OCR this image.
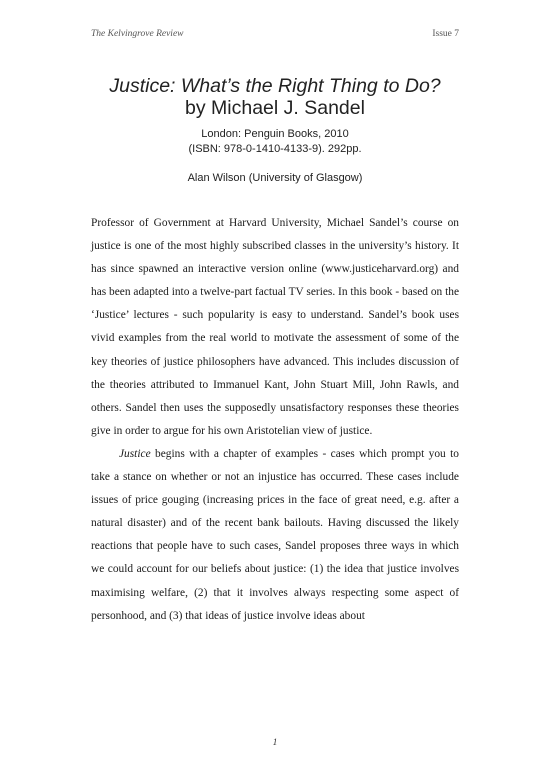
The Kelvingrove Review	Issue 7
Justice: What’s the Right Thing to Do?
by Michael J. Sandel
London: Penguin Books, 2010
(ISBN: 978-0-1410-4133-9). 292pp.
Alan Wilson (University of Glasgow)

Professor of Government at Harvard University, Michael Sandel’s course on justice is one of the most highly subscribed classes in the university’s history. It has since spawned an interactive version online (www.justiceharvard.org) and has been adapted into a twelve-part factual TV series. In this book - based on the ‘Justice’ lectures - such popularity is easy to understand. Sandel’s book uses vivid examples from the real world to motivate the assessment of some of the key theories of justice philosophers have advanced. This includes discussion of the theories attributed to Immanuel Kant, John Stuart Mill, John Rawls, and others. Sandel then uses the supposedly unsatisfactory responses these theories give in order to argue for his own Aristotelian view of justice.

Justice begins with a chapter of examples - cases which prompt you to take a stance on whether or not an injustice has occurred. These cases include issues of price gouging (increasing prices in the face of great need, e.g. after a natural disaster) and of the recent bank bailouts. Having discussed the likely reactions that people have to such cases, Sandel proposes three ways in which we could account for our beliefs about justice: (1) the idea that justice involves maximising welfare, (2) that it involves always respecting some aspect of personhood, and (3) that ideas of justice involve ideas about

1
